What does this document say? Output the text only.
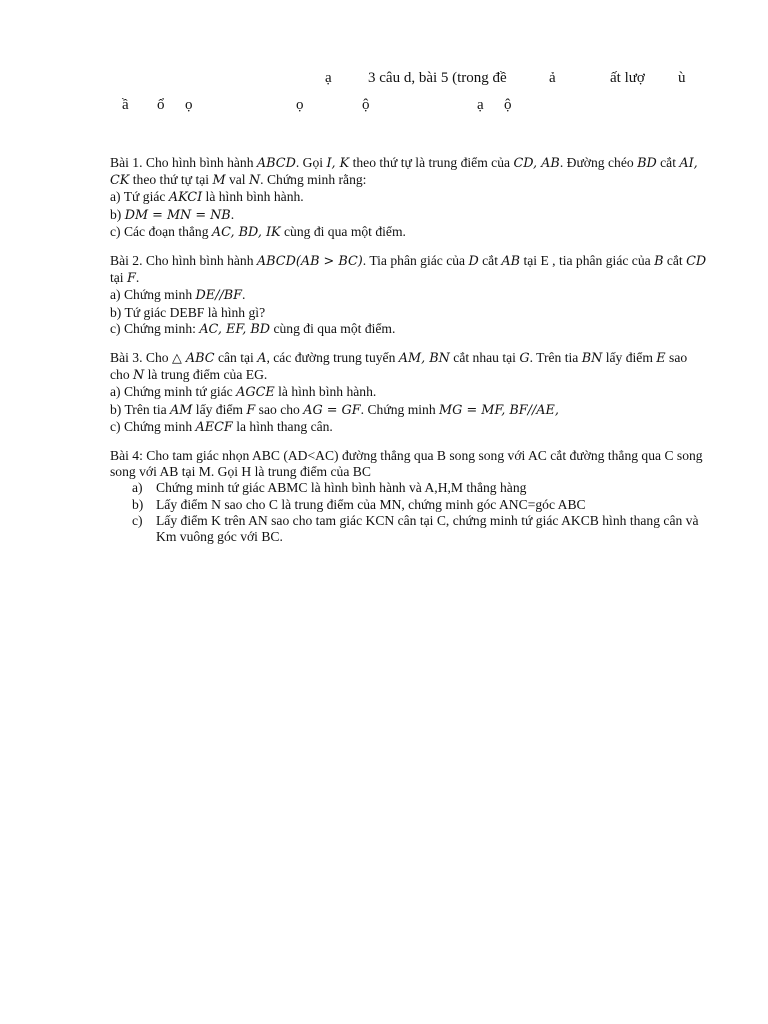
ạ 3 câu d, bài 5 (trong đề	ả	ất lượ ù
ầ ổ ọ	ọ	ộ	ạ ộ

Bài 1. Cho hình bình hành ABCD. Gọi I, K theo thứ tự là trung điểm của CD, AB. Đường chéo BD cắt AI, CK theo thứ tự tại M val N. Chứng minh rằng:

a) Tứ giác AKCI là hình bình hành.

b) DM = MN = NB.

c) Các đoạn thẳng AC, BD, IK cùng đi qua một điểm.

Bài 2. Cho hình bình hành ABCD(AB > BC). Tia phân giác của D cắt AB tại E , tia phân giác của B cắt CD tại F.

a) Chứng minh DE//BF.

b) Tứ giác DEBF là hình gì?

c) Chứng minh: AC, EF, BD cùng đi qua một điểm.

Bài 3. Cho △ ABC cân tại A, các đường trung tuyến AM, BN cắt nhau tại G. Trên tia BN lấy điểm E sao cho N là trung điểm của EG.

a) Chứng minh tứ giác AGCE là hình bình hành.

b) Trên tia AM lấy điểm F sao cho AG = GF. Chứng minh MG = MF, BF//AE,

c) Chứng minh AECF la hình thang cân.

Bài 4: Cho tam giác nhọn ABC (AD<AC) đường thẳng qua B song song với AC cắt đường thẳng qua C song song với AB tại M. Gọi H là trung điểm của BC

a) Chứng minh tứ giác ABMC là hình bình hành và A,H,M thẳng hàng
b) Lấy điểm N sao cho C là trung điểm của MN, chứng minh góc ANC=góc ABC
c) Lấy điểm K trên AN sao cho tam giác KCN cân tại C, chứng minh tứ giác AKCB hình thang cân và Km vuông góc với BC.
